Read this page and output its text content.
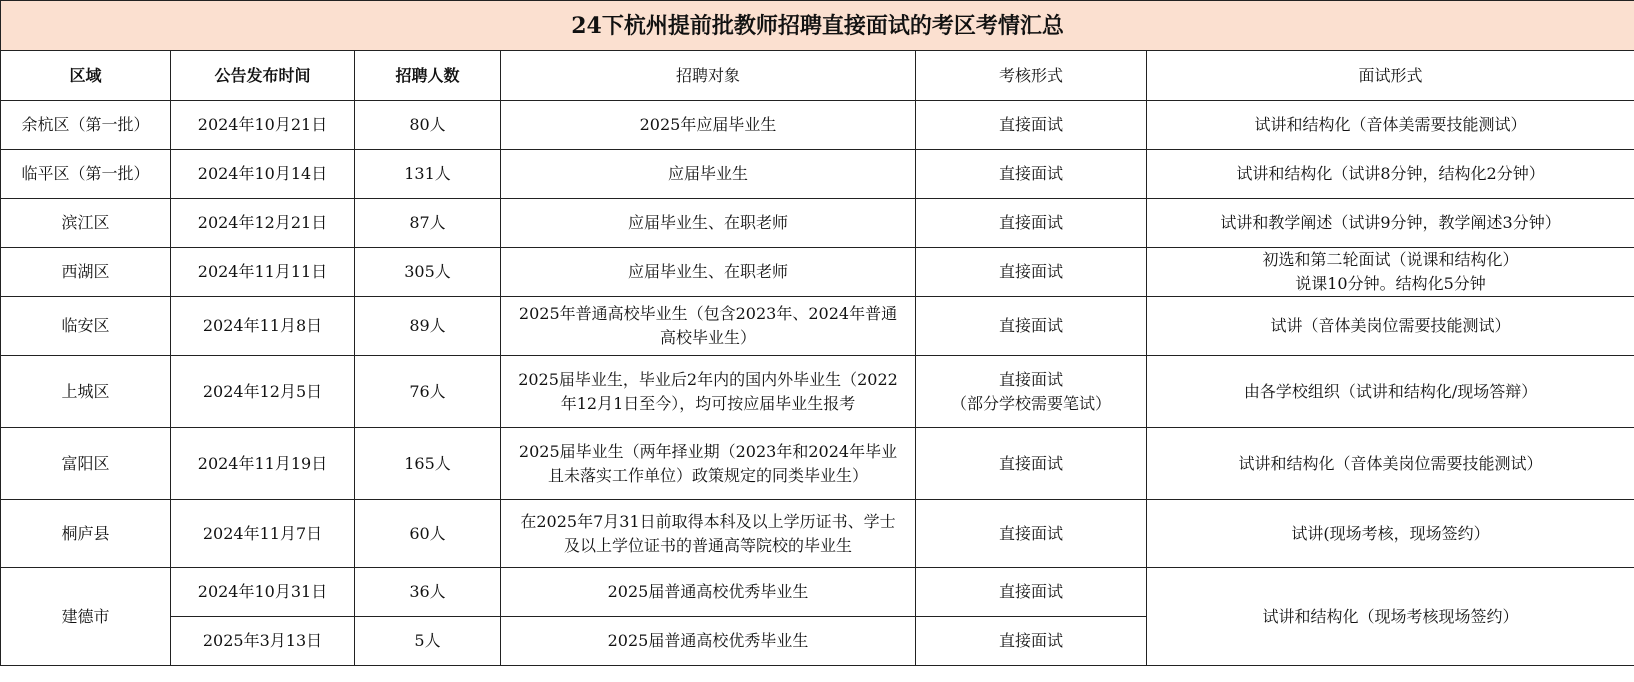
24下杭州提前批教师招聘直接面试的考区考情汇总					
区域	公告发布时间	招聘人数	招聘对象	考核形式	面试形式
余杭区（第一批）	2024年10月21日	80人	2025年应届毕业生	直接面试	试讲和结构化（音体美需要技能测试）

临平区（第一批）	2024年10月14日	131人	应届毕业生	直接面试	试讲和结构化（试讲8分钟，结构化2分钟）

滨江区	2024年12月21日	87人	应届毕业生、在职老师	直接面试	试讲和教学阐述（试讲9分钟，教学阐述3分钟）

西湖区	2024年11月11日	305人	应届毕业生、在职老师	直接面试	初选和第二轮面试（说课和结构化）
说课10分钟。结构化5分钟

临安区	2024年11月8日	89人	2025年普通高校毕业生（包含2023年、2024年普通
高校毕业生）	直接面试	试讲（音体美岗位需要技能测试）

上城区	2024年12月5日	76人	2025届毕业生，毕业后2年内的国内外毕业生（2022
年12月1日至今），均可按应届毕业生报考	直接面试
（部分学校需要笔试）	由各学校组织（试讲和结构化/现场答辩）

富阳区	2024年11月19日	165人	2025届毕业生（两年择业期（2023年和2024年毕业
且未落实工作单位）政策规定的同类毕业生）	直接面试	试讲和结构化（音体美岗位需要技能测试）

桐庐县	2024年11月7日	60人	在2025年7月31日前取得本科及以上学历证书、学士
及以上学位证书的普通高等院校的毕业生	直接面试	试讲(现场考核，现场签约）

建德市	2024年10月31日	36人	2025届普通高校优秀毕业生	直接面试	试讲和结构化（现场考核现场签约）
	2025年3月13日	5人	2025届普通高校优秀毕业生	直接面试	
